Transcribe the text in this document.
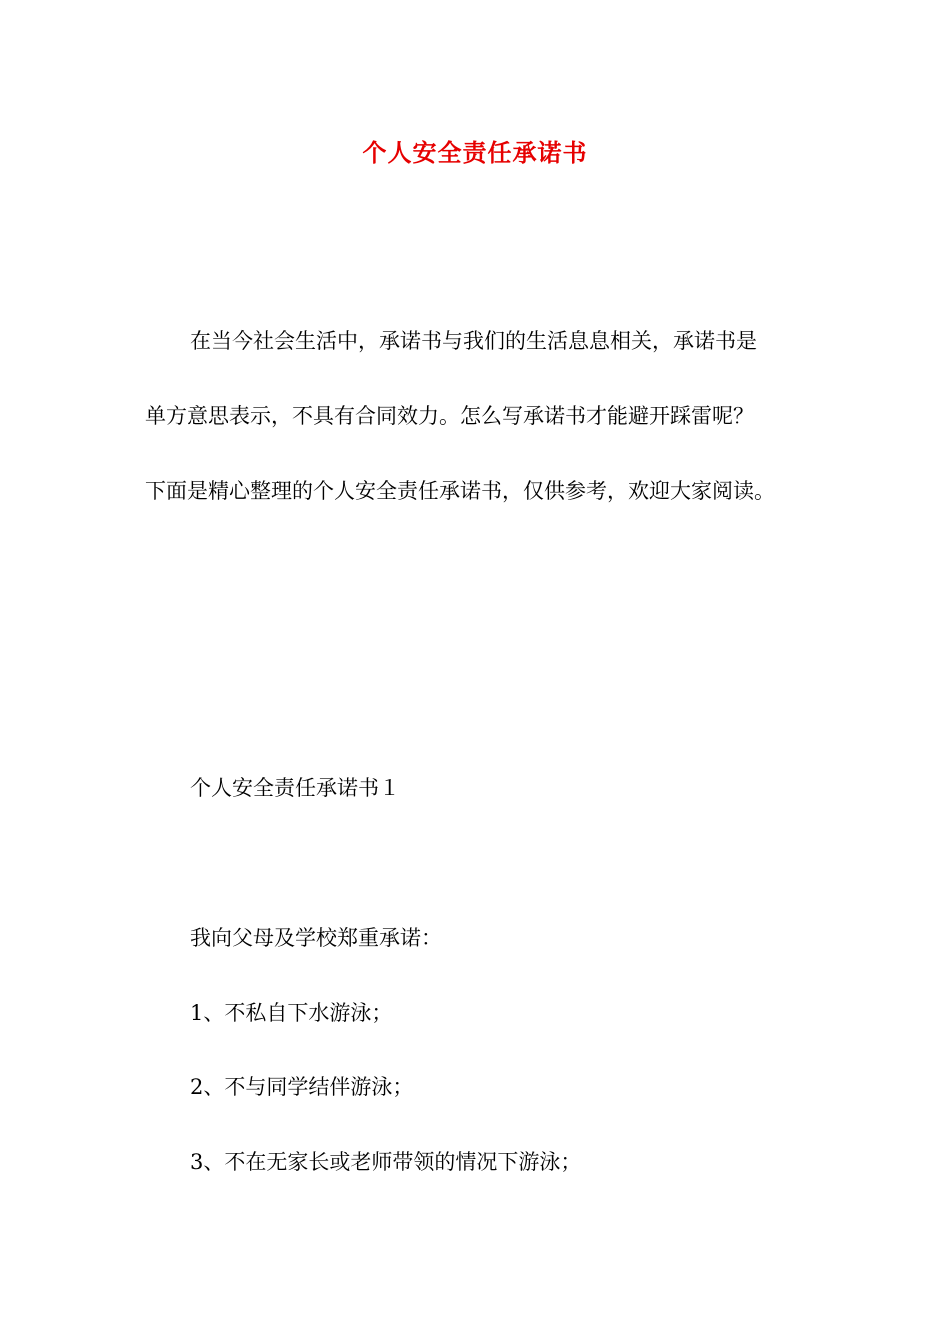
个人安全责任承诺书
在当今社会生活中，承诺书与我们的生活息息相关，承诺书是
单方意思表示，不具有合同效力。怎么写承诺书才能避开踩雷呢？
下面是精心整理的个人安全责任承诺书，仅供参考，欢迎大家阅读。
个人安全责任承诺书１
我向父母及学校郑重承诺：
1、不私自下水游泳；
2、不与同学结伴游泳；
3、不在无家长或老师带领的情况下游泳；
